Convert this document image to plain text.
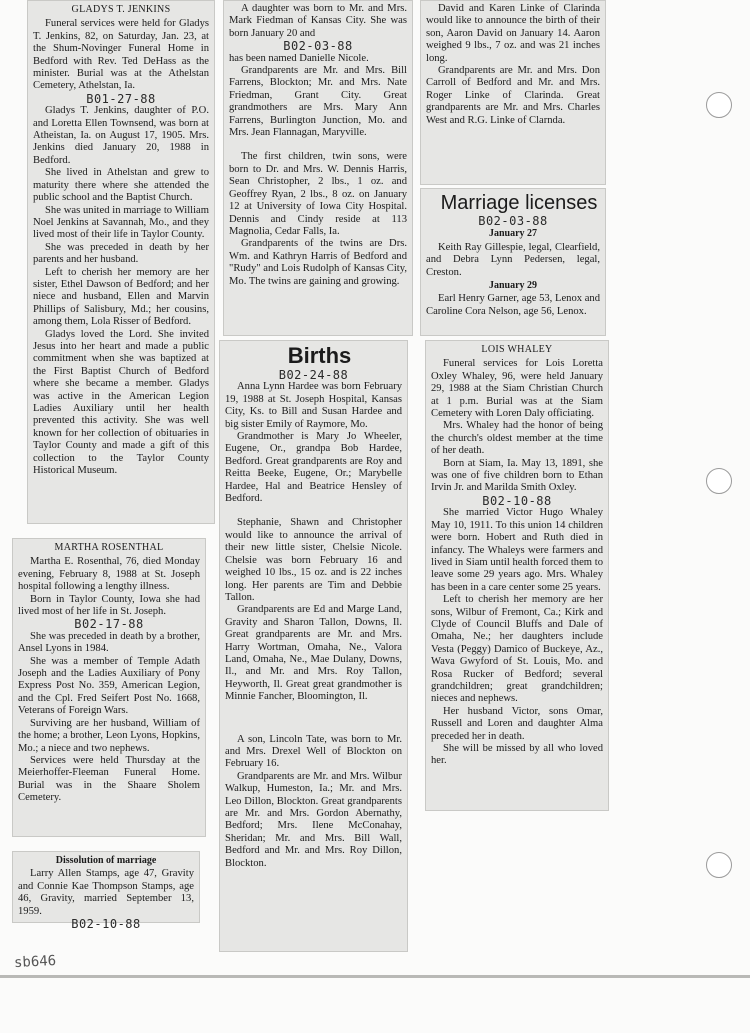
GLADYS T. JENKINS

Funeral services were held for Gladys T. Jenkins, 82, on Saturday, Jan. 23, at the Shum-Novinger Funeral Home in Bedford with Rev. Ted DeHass as the minister. Burial was at the Athelstan Cemetery, Athelstan, Ia.

B01-27-88

Gladys T. Jenkins, daughter of P.O. and Loretta Ellen Townsend, was born at Atheistan, Ia. on August 17, 1905. Mrs. Jenkins died January 20, 1988 in Bedford.

She lived in Athelstan and grew to maturity there where she attended the public school and the Baptist Church.

She was united in marriage to William Noel Jenkins at Savannah, Mo., and they lived most of their life in Taylor County.

She was preceded in death by her parents and her husband.

Left to cherish her memory are her sister, Ethel Dawson of Bedford; and her niece and husband, Ellen and Marvin Phillips of Salisbury, Md.; her cousins, among them, Lola Risser of Bedford.

Gladys loved the Lord. She invited Jesus into her heart and made a public commitment when she was baptized at the First Baptist Church of Bedford where she became a member. Gladys was active in the American Legion Ladies Auxiliary until her health prevented this activity. She was well known for her collection of obituaries in Taylor County and made a gift of this collection to the Taylor County Historical Museum.

MARTHA ROSENTHAL

Martha E. Rosenthal, 76, died Monday evening, February 8, 1988 at St. Joseph hospital following a lengthy illness.

Born in Taylor County, Iowa she had lived most of her life in St. Joseph.

B02-17-88

She was preceded in death by a brother, Ansel Lyons in 1984.

She was a member of Temple Adath Joseph and the Ladies Auxiliary of Pony Express Post No. 359, American Legion, and the Cpl. Fred Seifert Post No. 1668, Veterans of Foreign Wars.

Surviving are her husband, William of the home; a brother, Leon Lyons, Hopkins, Mo.; a niece and two nephews.

Services were held Thursday at the Meierhoffer-Fleeman Funeral Home. Burial was in the Shaare Sholem Cemetery.

Dissolution of marriage

Larry Allen Stamps, age 47, Gravity and Connie Kae Thompson Stamps, age 46, Gravity, married September 13, 1959.

B02-10-88

A daughter was born to Mr. and Mrs. Mark Fiedman of Kansas City. She was born January 20 and

B02-03-88

has been named Danielle Nicole.

Grandparents are Mr. and Mrs. Bill Farrens, Blockton; Mr. and Mrs. Nate Friedman, Grant City. Great grandmothers are Mrs. Mary Ann Farrens, Burlington Junction, Mo. and Mrs. Jean Flannagan, Maryville.

The first children, twin sons, were born to Dr. and Mrs. W. Dennis Harris, Sean Christopher, 2 lbs., 1 oz. and Geoffrey Ryan, 2 lbs., 8 oz. on January 12 at University of Iowa City Hospital. Dennis and Cindy reside at 113 Magnolia, Cedar Falls, Ia.

Grandparents of the twins are Drs. Wm. and Kathryn Harris of Bedford and "Rudy" and Lois Rudolph of Kansas City, Mo. The twins are gaining and growing.

David and Karen Linke of Clarinda would like to announce the birth of their son, Aaron David on January 14. Aaron weighed 9 lbs., 7 oz. and was 21 inches long.

Grandparents are Mr. and Mrs. Don Carroll of Bedford and Mr. and Mrs. Roger Linke of Clarinda. Great grandparents are Mr. and Mrs. Charles West and R.G. Linke of Clarnda.

Marriage licenses

B02-03-88

January 27

Keith Ray Gillespie, legal, Clearfield, and Debra Lynn Pedersen, legal, Creston.

January 29

Earl Henry Garner, age 53, Lenox and Caroline Cora Nelson, age 56, Lenox.

Births

B02-24-88

Anna Lynn Hardee was born February 19, 1988 at St. Joseph Hospital, Kansas City, Ks. to Bill and Susan Hardee and big sister Emily of Raymore, Mo.

Grandmother is Mary Jo Wheeler, Eugene, Or., grandpa Bob Hardee, Bedford. Great grandparents are Roy and Reitta Beeke, Eugene, Or.; Marybelle Hardee, Hal and Beatrice Hensley of Bedford.

Stephanie, Shawn and Christopher would like to announce the arrival of their new little sister, Chelsie Nicole. Chelsie was born February 16 and weighed 10 lbs., 15 oz. and is 22 inches long. Her parents are Tim and Debbie Tallon.

Grandparents are Ed and Marge Land, Gravity and Sharon Tallon, Downs, Il. Great grandparents are Mr. and Mrs. Harry Wortman, Omaha, Ne., Valora Land, Omaha, Ne., Mae Dulany, Downs, Il., and Mr. and Mrs. Roy Tallon, Heyworth, Il. Great great grandmother is Minnie Fancher, Bloomington, Il.

A son, Lincoln Tate, was born to Mr. and Mrs. Drexel Well of Blockton on February 16.

Grandparents are Mr. and Mrs. Wilbur Walkup, Humeston, Ia.; Mr. and Mrs. Leo Dillon, Blockton. Great grandparents are Mr. and Mrs. Gordon Abernathy, Bedford; Mrs. Ilene McConahay, Sheridan; Mr. and Mrs. Bill Wall, Bedford and Mr. and Mrs. Roy Dillon, Blockton.

LOIS WHALEY

Funeral services for Lois Loretta Oxley Whaley, 96, were held January 29, 1988 at the Siam Christian Church at 1 p.m. Burial was at the Siam Cemetery with Loren Daly officiating.

Mrs. Whaley had the honor of being the church's oldest member at the time of her death.

Born at Siam, Ia. May 13, 1891, she was one of five children born to Ethan Irvin Jr. and Marilda Smith Oxley.

B02-10-88

She married Victor Hugo Whaley May 10, 1911. To this union 14 children were born. Hobert and Ruth died in infancy. The Whaleys were farmers and lived in Siam until health forced them to leave some 29 years ago. Mrs. Whaley has been in a care center some 25 years.

Left to cherish her memory are her sons, Wilbur of Fremont, Ca.; Kirk and Clyde of Council Bluffs and Dale of Omaha, Ne.; her daughters include Vesta (Peggy) Damico of Buckeye, Az., Wava Gwyford of St. Louis, Mo. and Rosa Rucker of Bedford; several grandchildren; great grandchildren; nieces and nephews.

Her husband Victor, sons Omar, Russell and Loren and daughter Alma preceded her in death.

She will be missed by all who loved her.

sb646
